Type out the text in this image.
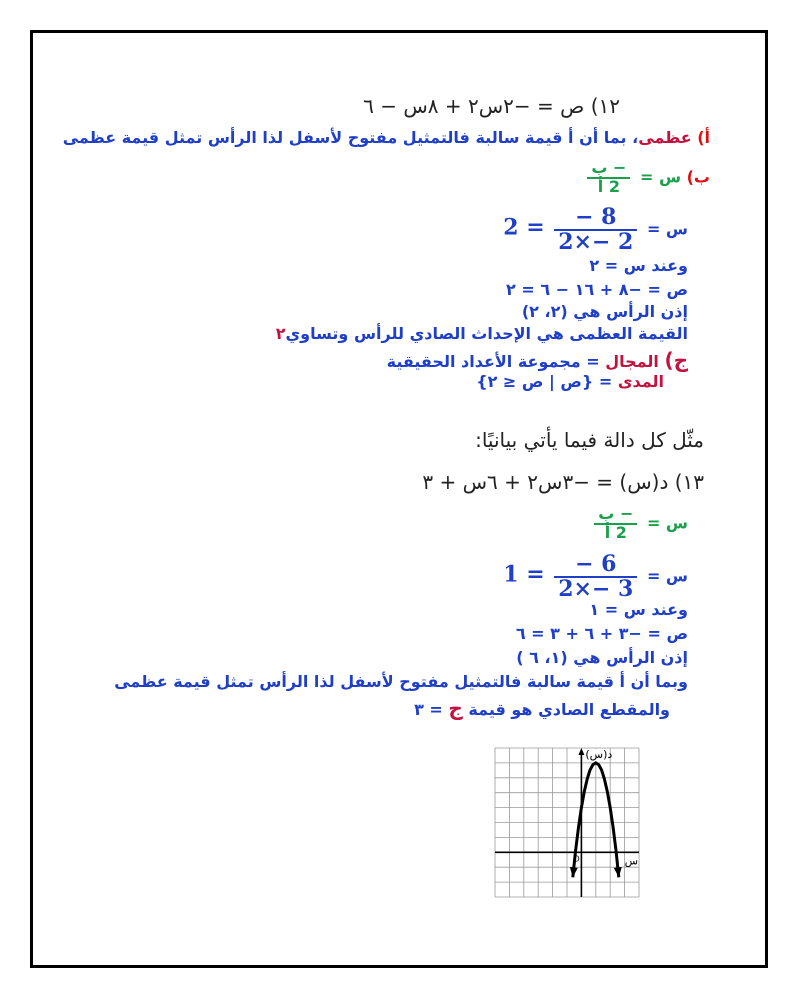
١٢) ص = −٢س٢ + ٨س − ٦
أ) عظمى، بما أن أ قيمة سالبة فالتمثيل مفتوح لأسفل لذا الرأس تمثل قيمة عظمى
ب) س =
$\frac{\text{− ب}}{\text{2 أ}}$
س =
$\frac{8 -}{2 -\times 2}$
= 2
وعند س = ٢
ص = −٨ + ١٦ − ٦ = ٢
إذن الرأس هي (٢، ٢)
القيمة العظمى هي الإحداث الصادي للرأس وتساوي٢
ج) المجال = مجموعة الأعداد الحقيقية
المدى = {ص | ص ≤ ٢}
مثّل كل دالة فيما يأتي بيانيًا:
١٣) د(س) = −٣س٢ + ٦س + ٣
س =
$\frac{\text{− ب}}{\text{2 أ}}$
س =
$\frac{6 -}{3 -\times 2}$
= 1
وعند س = ١
ص = −٣ + ٦ + ٣ = ٦
إذن الرأس هي (١، ٦ )
وبما أن أ قيمة سالبة فالتمثيل مفتوح لأسفل لذا الرأس تمثل قيمة عظمى
والمقطع الصادي هو قيمة ج = ٣
د(س)
س
O
